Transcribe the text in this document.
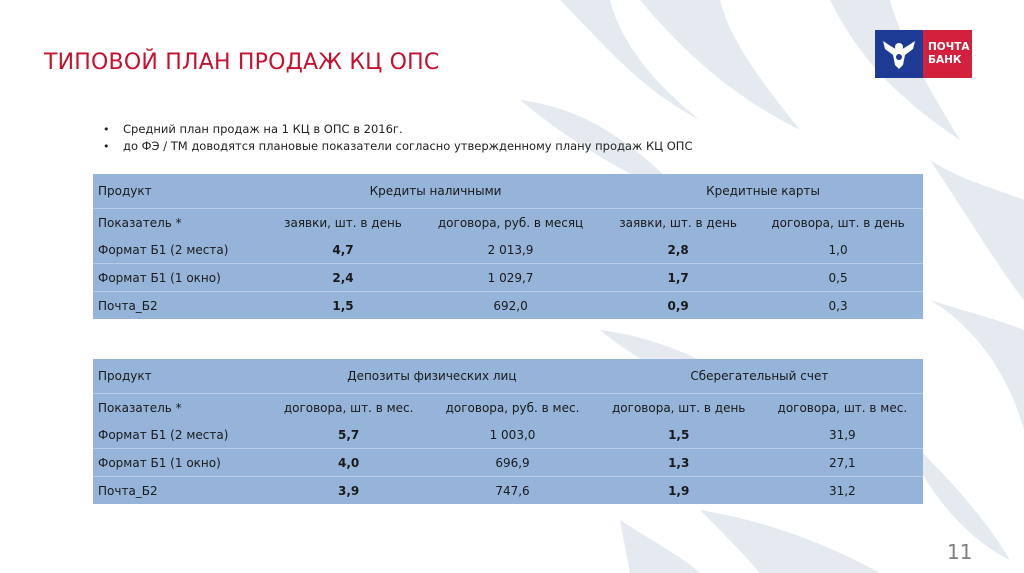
ТИПОВОЙ ПЛАН ПРОДАЖ КЦ ОПС
ПОЧТА
БАНК
• Средний план продаж на 1 КЦ в ОПС в 2016г.
• до ФЭ / ТМ доводятся плановые показатели согласно утвержденному плану продаж КЦ ОПС
Продукт	Кредиты наличными		Кредитные карты	
Показатель *	заявки, шт. в день	договора, руб. в месяц	заявки, шт. в день	договора, шт. в день
Формат Б1 (2 места)	4,7	2 013,9	2,8	1,0
Формат Б1 (1 окно)	2,4	1 029,7	1,7	0,5
Почта_Б2	1,5	692,0	0,9	0,3
Продукт	Депозиты физических лиц		Сберегательный счет	
Показатель *	договора, шт. в мес.	договора, руб. в мес.	договора, шт. в день	договора, шт. в мес.
Формат Б1 (2 места)	5,7	1 003,0	1,5	31,9
Формат Б1 (1 окно)	4,0	696,9	1,3	27,1
Почта_Б2	3,9	747,6	1,9	31,2
11
